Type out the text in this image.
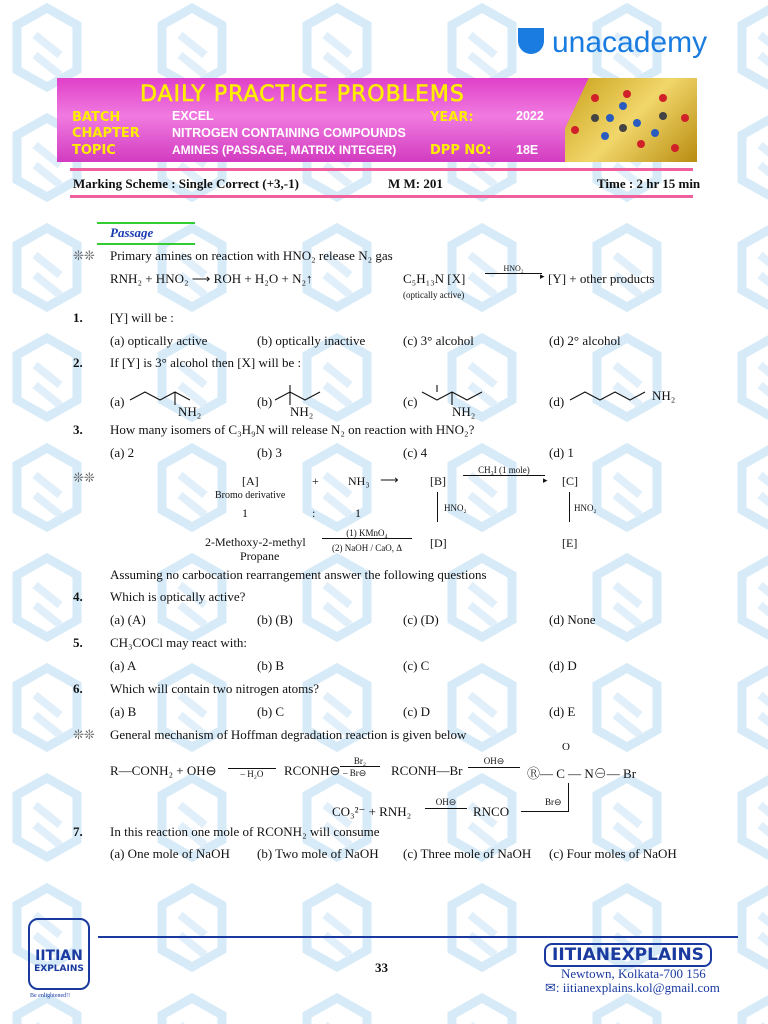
unacademy
DAILY PRACTICE PROBLEMS
BATCH	EXCEL	YEAR:	2022
CHAPTER	NITROGEN CONTAINING COMPOUNDS
TOPIC	AMINES (PASSAGE, MATRIX INTEGER)	DPP NO: 18E
Marking Scheme : Single Correct (+3,-1)	M M: 201	Time : 2 hr 15 min
Passage
❊❊ Primary amines on reaction with HNO₂ release N₂ gas
RNH₂ + HNO₂ ⟶ ROH + H₂O + N₂↑	C₅H₁₃N [X]
HNO₂
▸ [Y] + other products
(optically active)
1. [Y] will be :
(a) optically active	(b) optically inactive	(c) 3° alcohol	(d) 2° alcohol
2. If [Y] is 3° alcohol then [X] will be :
(a)	(b)	(c)	(d)
3. How many isomers of C₃H₉N will release N₂ on reaction with HNO₂?
(a) 2	(b) 3	(c) 4	(d) 1
4. Which is optically active?
(a) (A)	(b) (B)	(c) (D)	(d) None
5. CH₃COCl may react with:
(a) A	(b) B	(c) C	(d) D
6. Which will contain two nitrogen atoms?
(a) B	(b) C	(c) D	(d) E
7. In this reaction one mole of RCONH₂ will consume
(a) One mole of NaOH (b) Two mole of NaOH (c) Three mole of NaOH (c) Four moles of NaOH
NH₂	NH₂	NH₂
NH₂
❊❊	[A]
Bromo derivative
+ NH₃ ⟶	[B]
CH₃I (1 mole)
▸ [C]
1	:	1	HNO₂	HNO₂
2-Methoxy-2-methyl
Propane
(1) KMnO₄
(2) NaOH / CaO, Δ [D]	[E]
Assuming no carbocation rearrangement answer the following questions
❊❊ General mechanism of Hoffman degradation reaction is given below
R—CONH₂ + OH⊖	– H₂O	RCONH⊖
Br₂
– Br⊖ RCONH—Br
OH⊖
O
Ⓡ— C — N⊖— Br
Br⊖
RNCO
OH⊖
CO₃²⁻ + RNH₂
IITIAN
EXPLAINS
Be enlightened!!
33
IITIANEXPLAINS
Newtown, Kolkata-700 156
✉: iitianexplains.kol@gmail.com
